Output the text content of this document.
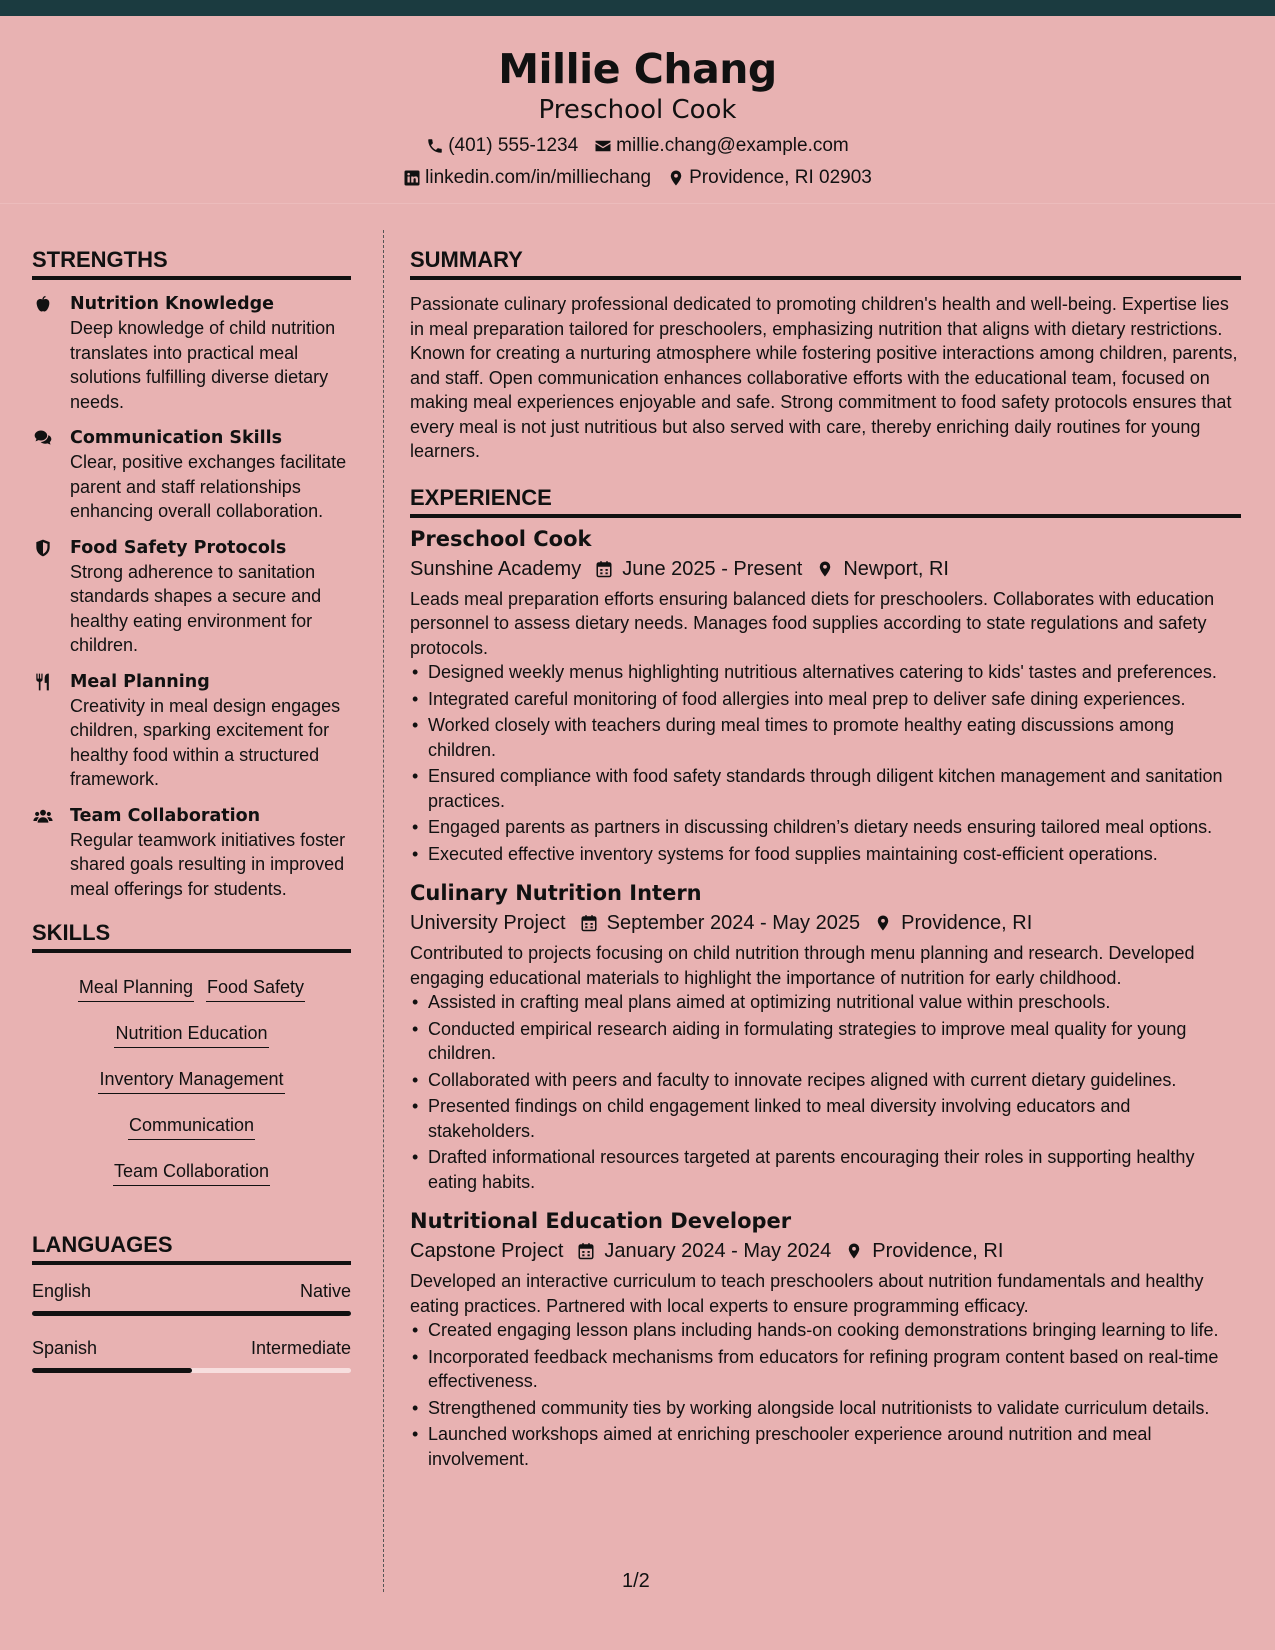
Millie Chang
Preschool Cook
(401) 555-1234 millie.chang@example.com
linkedin.com/in/milliechang Providence, RI 02903
STRENGTHS
Nutrition Knowledge
Deep knowledge of child nutrition translates into practical meal solutions fulfilling diverse dietary needs.
Communication Skills
Clear, positive exchanges facilitate parent and staff relationships enhancing overall collaboration.
Food Safety Protocols
Strong adherence to sanitation standards shapes a secure and healthy eating environment for children.
Meal Planning
Creativity in meal design engages children, sparking excitement for healthy food within a structured framework.
Team Collaboration
Regular teamwork initiatives foster shared goals resulting in improved meal offerings for students.
SKILLS
Meal Planning Food Safety
Nutrition Education
Inventory Management
Communication
Team Collaboration
LANGUAGES
English	Native
Spanish	Intermediate
SUMMARY
Passionate culinary professional dedicated to promoting children's health and well-being. Expertise lies in meal preparation tailored for preschoolers, emphasizing nutrition that aligns with dietary restrictions. Known for creating a nurturing atmosphere while fostering positive interactions among children, parents, and staff. Open communication enhances collaborative efforts with the educational team, focused on making meal experiences enjoyable and safe. Strong commitment to food safety protocols ensures that every meal is not just nutritious but also served with care, thereby enriching daily routines for young learners.
EXPERIENCE
Preschool Cook
Sunshine Academy June 2025 - Present Newport, RI
Leads meal preparation efforts ensuring balanced diets for preschoolers. Collaborates with education personnel to assess dietary needs. Manages food supplies according to state regulations and safety protocols.
• Designed weekly menus highlighting nutritious alternatives catering to kids' tastes and preferences.
• Integrated careful monitoring of food allergies into meal prep to deliver safe dining experiences.
• Worked closely with teachers during meal times to promote healthy eating discussions among children.
• Ensured compliance with food safety standards through diligent kitchen management and sanitation practices.
• Engaged parents as partners in discussing children’s dietary needs ensuring tailored meal options.
• Executed effective inventory systems for food supplies maintaining cost-efficient operations.
Culinary Nutrition Intern
University Project September 2024 - May 2025 Providence, RI
Contributed to projects focusing on child nutrition through menu planning and research. Developed engaging educational materials to highlight the importance of nutrition for early childhood.
• Assisted in crafting meal plans aimed at optimizing nutritional value within preschools.
• Conducted empirical research aiding in formulating strategies to improve meal quality for young children.
• Collaborated with peers and faculty to innovate recipes aligned with current dietary guidelines.
• Presented findings on child engagement linked to meal diversity involving educators and stakeholders.
• Drafted informational resources targeted at parents encouraging their roles in supporting healthy eating habits.
Nutritional Education Developer
Capstone Project January 2024 - May 2024 Providence, RI
Developed an interactive curriculum to teach preschoolers about nutrition fundamentals and healthy eating practices. Partnered with local experts to ensure programming efficacy.
• Created engaging lesson plans including hands-on cooking demonstrations bringing learning to life.
• Incorporated feedback mechanisms from educators for refining program content based on real-time effectiveness.
• Strengthened community ties by working alongside local nutritionists to validate curriculum details.
• Launched workshops aimed at enriching preschooler experience around nutrition and meal involvement.
1/2
